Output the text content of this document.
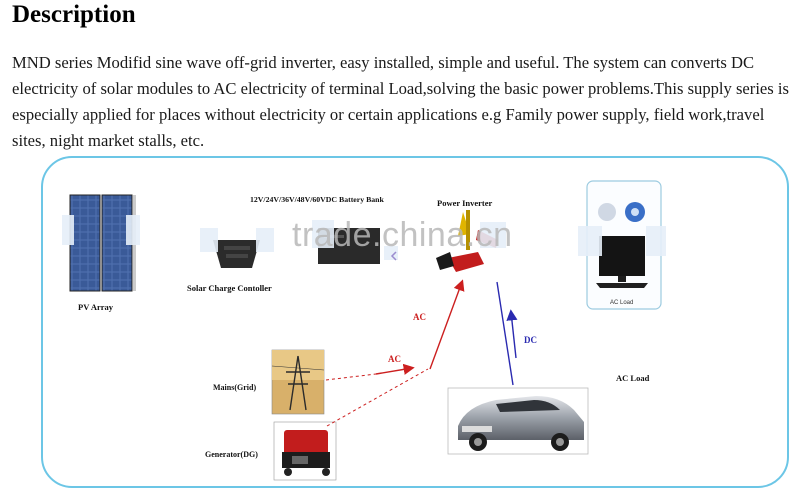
Description

MND series Modifid sine wave off-grid inverter, easy installed, simple and useful. The system can converts DC electricity of solar modules to AC electricity of terminal Load,solving the basic power problems.This supply series is especially applied for places without electricity or certain applications e.g Family power supply, field work,travel sites, night market stalls, etc.

PV Array
Solar Charge Contoller
12V/24V/36V/48V/60VDC Battery Bank	Power Inverter
AC Load
Mains(Grid)
Generator(DG)
AC Load
AC
AC
DC
trade.china.cn
